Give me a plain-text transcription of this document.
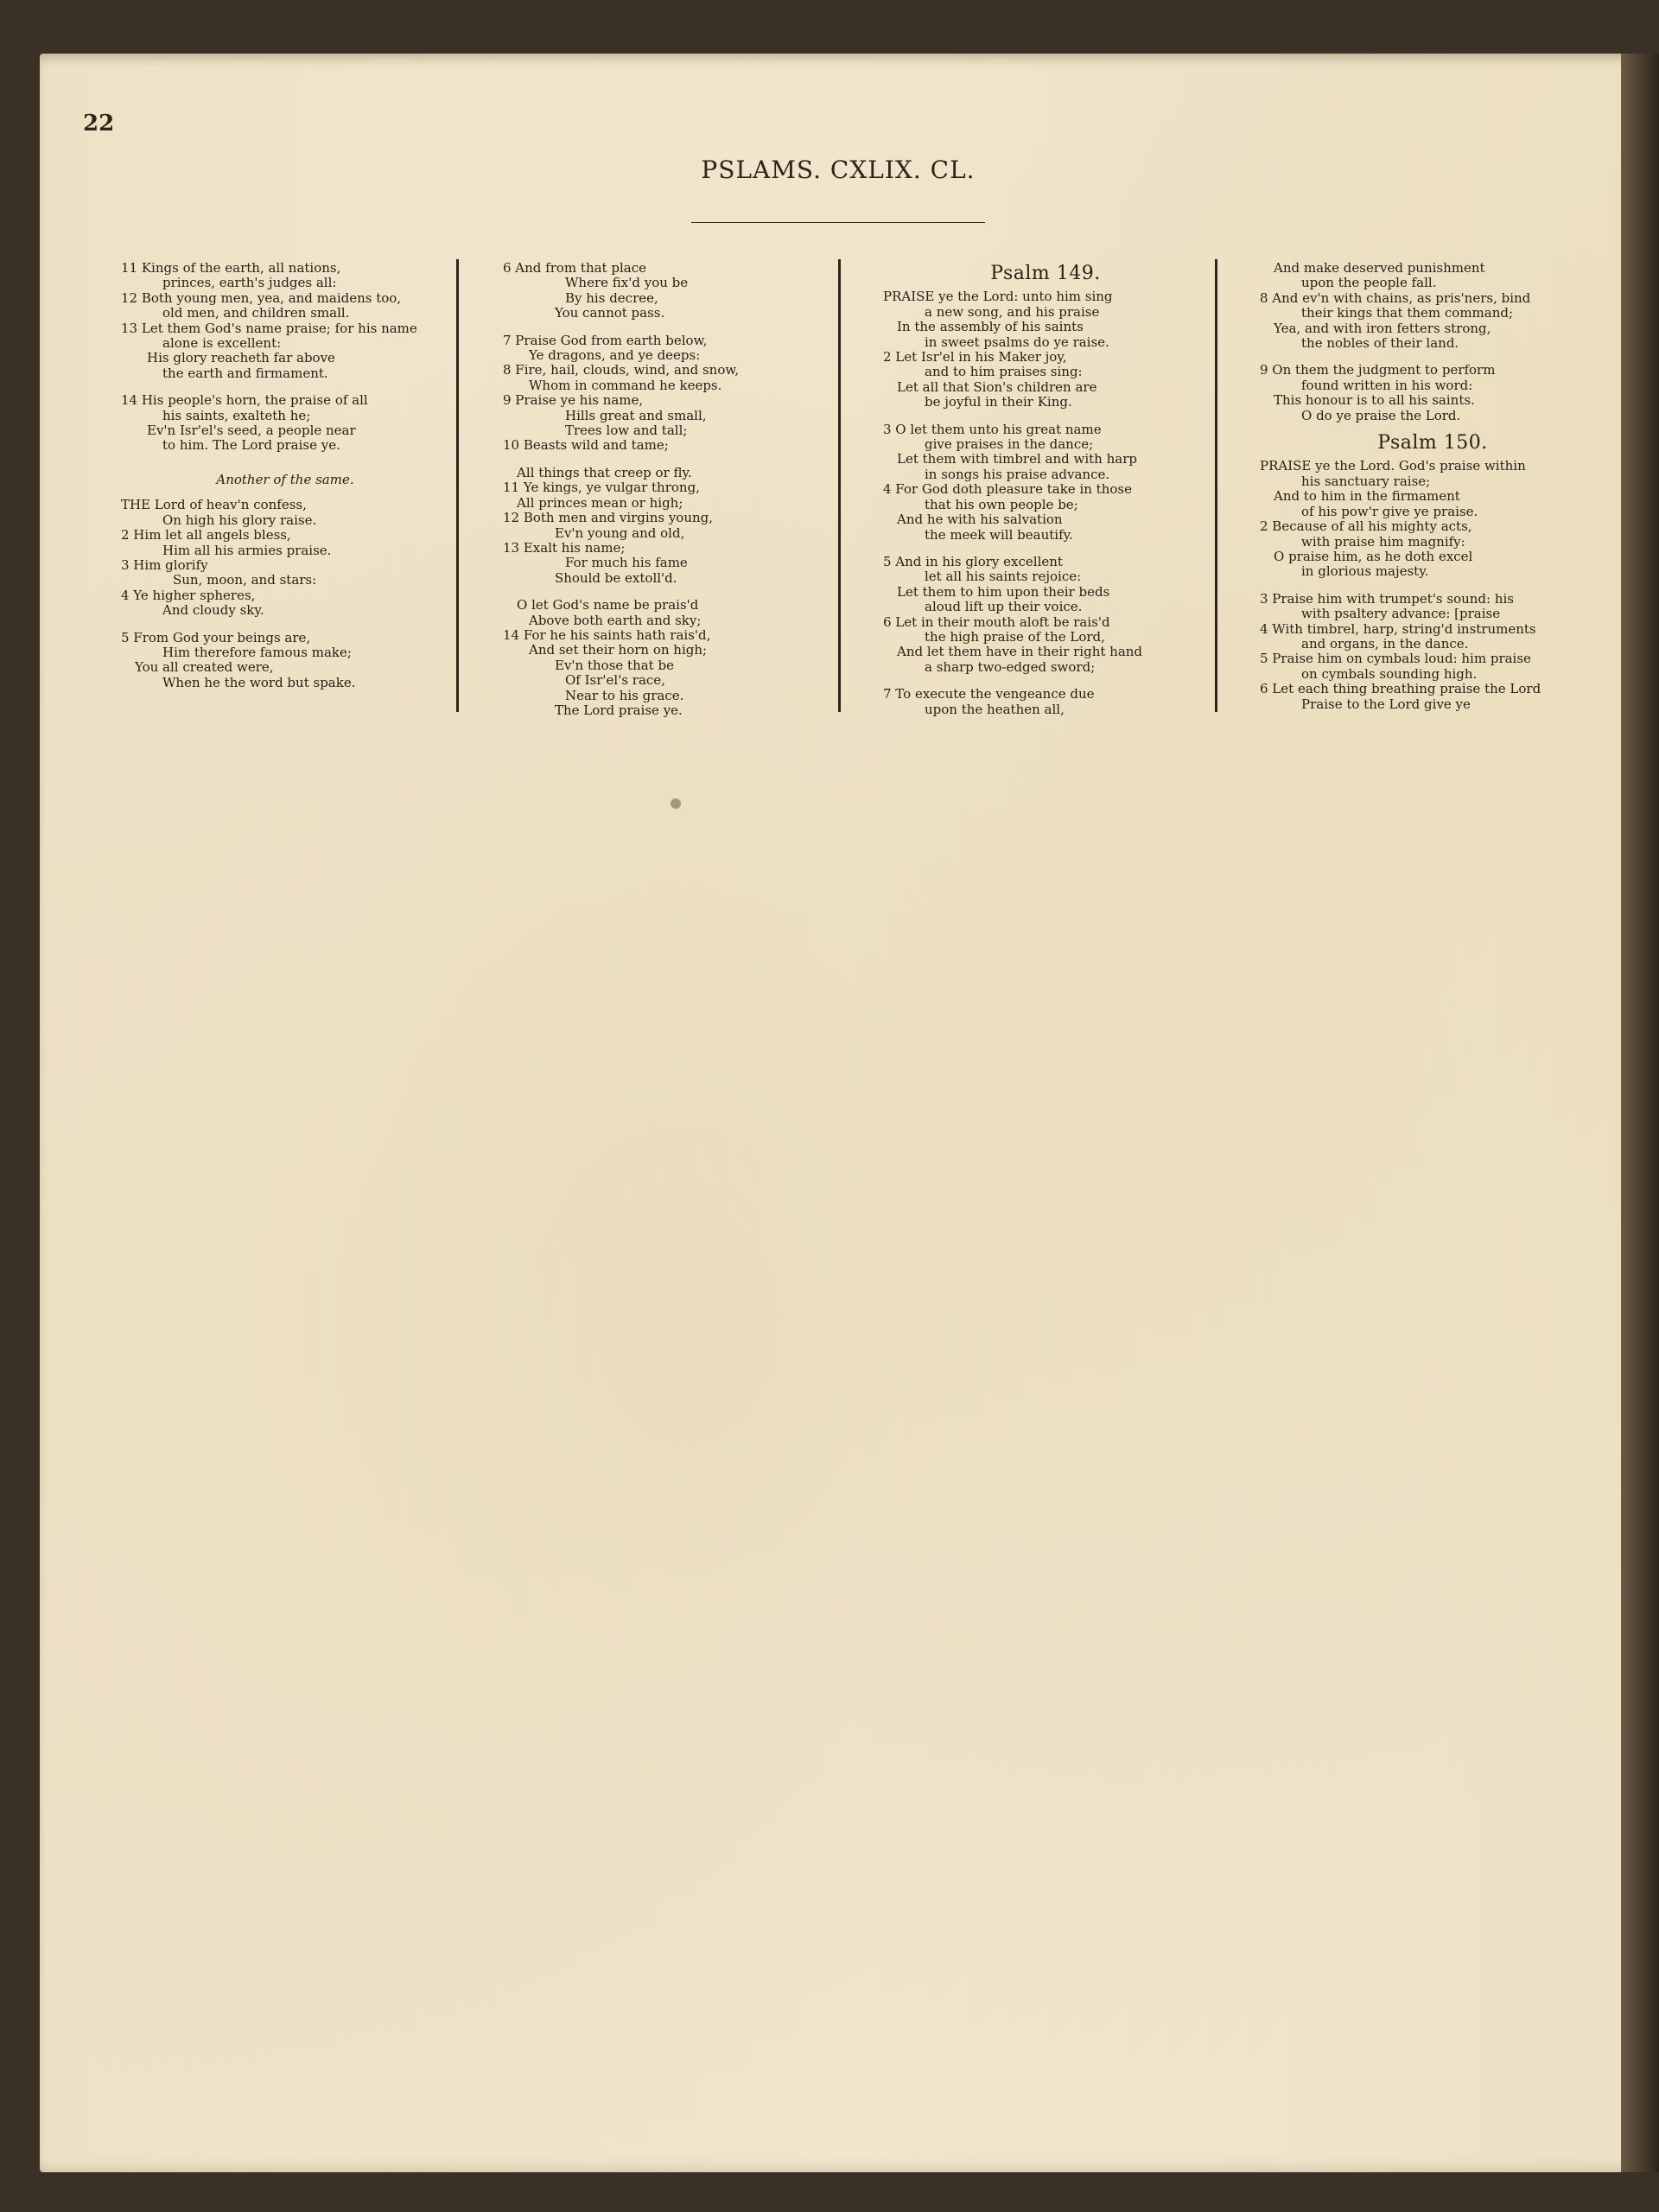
22
PSLAMS. CXLIX. CL.
11 Kings of the earth, all nations,
princes, earth's judges all:
12 Both young men, yea, and maidens too,
old men, and children small.
13 Let them God's name praise; for his name
alone is excellent:
His glory reacheth far above
the earth and firmament.
14 His people's horn, the praise of all
his saints, exalteth he;
Ev'n Isr'el's seed, a people near
to him. The Lord praise ye.
Another of the same.
THE Lord of heav'n confess,
On high his glory raise.
2 Him let all angels bless,
Him all his armies praise.
3 Him glorify
Sun, moon, and stars:
4 Ye higher spheres,
And cloudy sky.
5 From God your beings are,
Him therefore famous make;
You all created were,
When he the word but spake.
6 And from that place
Where fix'd you be
By his decree,
You cannot pass.
7 Praise God from earth below,
Ye dragons, and ye deeps:
8 Fire, hail, clouds, wind, and snow,
Whom in command he keeps.
9 Praise ye his name,
Hills great and small,
Trees low and tall;
10 Beasts wild and tame;
All things that creep or fly.
11 Ye kings, ye vulgar throng,
All princes mean or high;
12 Both men and virgins young,
Ev'n young and old,
13 Exalt his name;
For much his fame
Should be extoll'd.
O let God's name be prais'd
Above both earth and sky;
14 For he his saints hath rais'd,
And set their horn on high;
Ev'n those that be
Of Isr'el's race,
Near to his grace.
The Lord praise ye.
Psalm 149.
PRAISE ye the Lord: unto him sing
a new song, and his praise
In the assembly of his saints
in sweet psalms do ye raise.
2 Let Isr'el in his Maker joy,
and to him praises sing:
Let all that Sion's children are
be joyful in their King.
3 O let them unto his great name
give praises in the dance;
Let them with timbrel and with harp
in songs his praise advance.
4 For God doth pleasure take in those
that his own people be;
And he with his salvation
the meek will beautify.
5 And in his glory excellent
let all his saints rejoice:
Let them to him upon their beds
aloud lift up their voice.
6 Let in their mouth aloft be rais'd
the high praise of the Lord,
And let them have in their right hand
a sharp two-edged sword;
7 To execute the vengeance due
upon the heathen all,
And make deserved punishment
upon the people fall.
8 And ev'n with chains, as pris'ners, bind
their kings that them command;
Yea, and with iron fetters strong,
the nobles of their land.
9 On them the judgment to perform
found written in his word:
This honour is to all his saints.
O do ye praise the Lord.
Psalm 150.
PRAISE ye the Lord. God's praise within
his sanctuary raise;
And to him in the firmament
of his pow'r give ye praise.
2 Because of all his mighty acts,
with praise him magnify:
O praise him, as he doth excel
in glorious majesty.
3 Praise him with trumpet's sound: his
with psaltery advance: [praise
4 With timbrel, harp, string'd instruments
and organs, in the dance.
5 Praise him on cymbals loud: him praise
on cymbals sounding high.
6 Let each thing breathing praise the Lord
Praise to the Lord give ye
